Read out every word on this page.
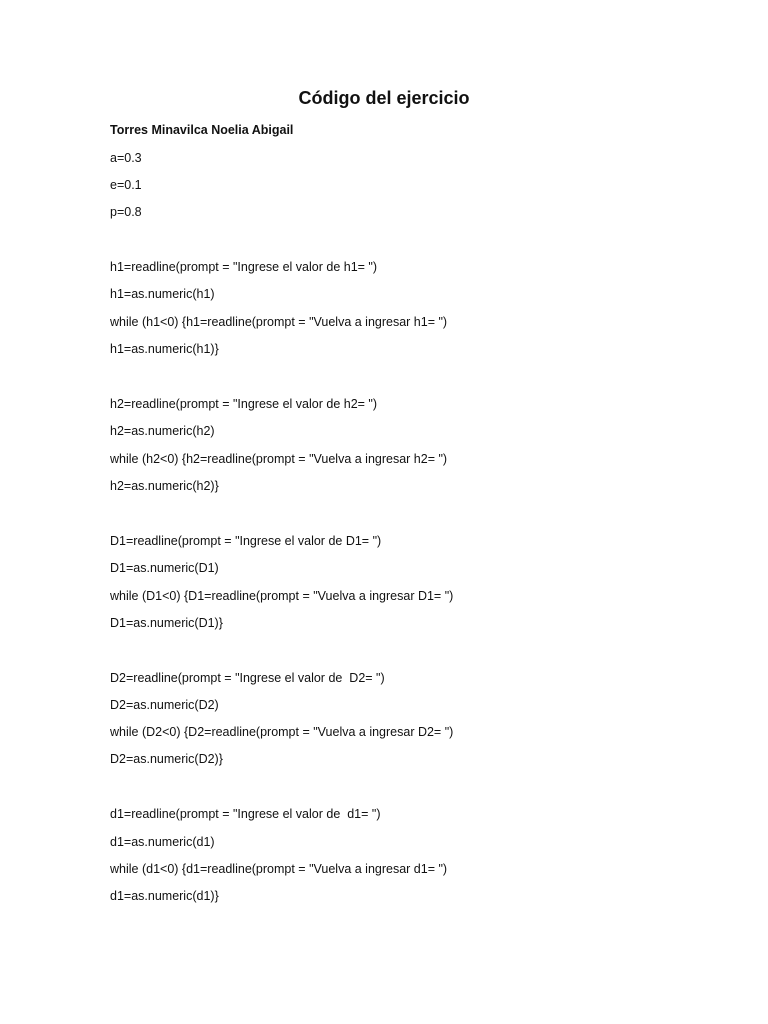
Código del ejercicio

Torres Minavilca Noelia Abigail

a=0.3

e=0.1

p=0.8

h1=readline(prompt = "Ingrese el valor de h1= ")

h1=as.numeric(h1)

while (h1<0) {h1=readline(prompt = "Vuelva a ingresar h1= ")

h1=as.numeric(h1)}

h2=readline(prompt = "Ingrese el valor de h2= ")

h2=as.numeric(h2)

while (h2<0) {h2=readline(prompt = "Vuelva a ingresar h2= ")

h2=as.numeric(h2)}

D1=readline(prompt = "Ingrese el valor de D1= ")

D1=as.numeric(D1)

while (D1<0) {D1=readline(prompt = "Vuelva a ingresar D1= ")

D1=as.numeric(D1)}

D2=readline(prompt = "Ingrese el valor de  D2= ")

D2=as.numeric(D2)

while (D2<0) {D2=readline(prompt = "Vuelva a ingresar D2= ")

D2=as.numeric(D2)}

d1=readline(prompt = "Ingrese el valor de  d1= ")

d1=as.numeric(d1)

while (d1<0) {d1=readline(prompt = "Vuelva a ingresar d1= ")

d1=as.numeric(d1)}
